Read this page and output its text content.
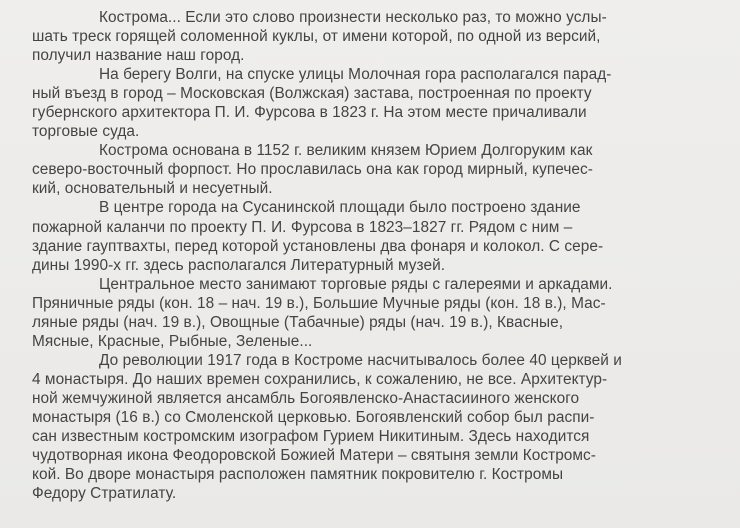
Кострома... Если это слово произнести несколько раз, то можно услы-
шать треск горящей соломенной куклы, от имени которой, по одной из версий,
получил название наш город.

На берегу Волги, на спуске улицы Молочная гора располагался парад-
ный въезд в город – Московская (Волжская) застава, построенная по проекту
губернского архитектора П. И. Фурсова в 1823 г. На этом месте причаливали
торговые суда.

Кострома основана в 1152 г. великим князем Юрием Долгоруким как
северо-восточный форпост. Но прославилась она как город мирный, купечес-
кий, основательный и несуетный.

В центре города на Сусанинской площади было построено здание
пожарной каланчи по проекту П. И. Фурсова в 1823–1827 гг. Рядом с ним –
здание гауптвахты, перед которой установлены два фонаря и колокол. С сере-
дины 1990-х гг. здесь располагался Литературный музей.

Центральное место занимают торговые ряды с галереями и аркадами.
Пряничные ряды (кон. 18 – нач. 19 в.), Большие Мучные ряды (кон. 18 в.), Мас-
ляные ряды (нач. 19 в.), Овощные (Табачные) ряды (нач. 19 в.), Квасные,
Мясные, Красные, Рыбные, Зеленые...

До революции 1917 года в Костроме насчитывалось более 40 церквей и
4 монастыря. До наших времен сохранились, к сожалению, не все. Архитектур-
ной жемчужиной является ансамбль Богоявленско-Анастасииного женского
монастыря (16 в.) со Смоленской церковью. Богоявленский собор был распи-
сан известным костромским изографом Гурием Никитиным. Здесь находится
чудотворная икона Феодоровской Божией Матери – святыня земли Костромс-
кой. Во дворе монастыря расположен памятник покровителю г. Костромы
Федору Стратилату.
